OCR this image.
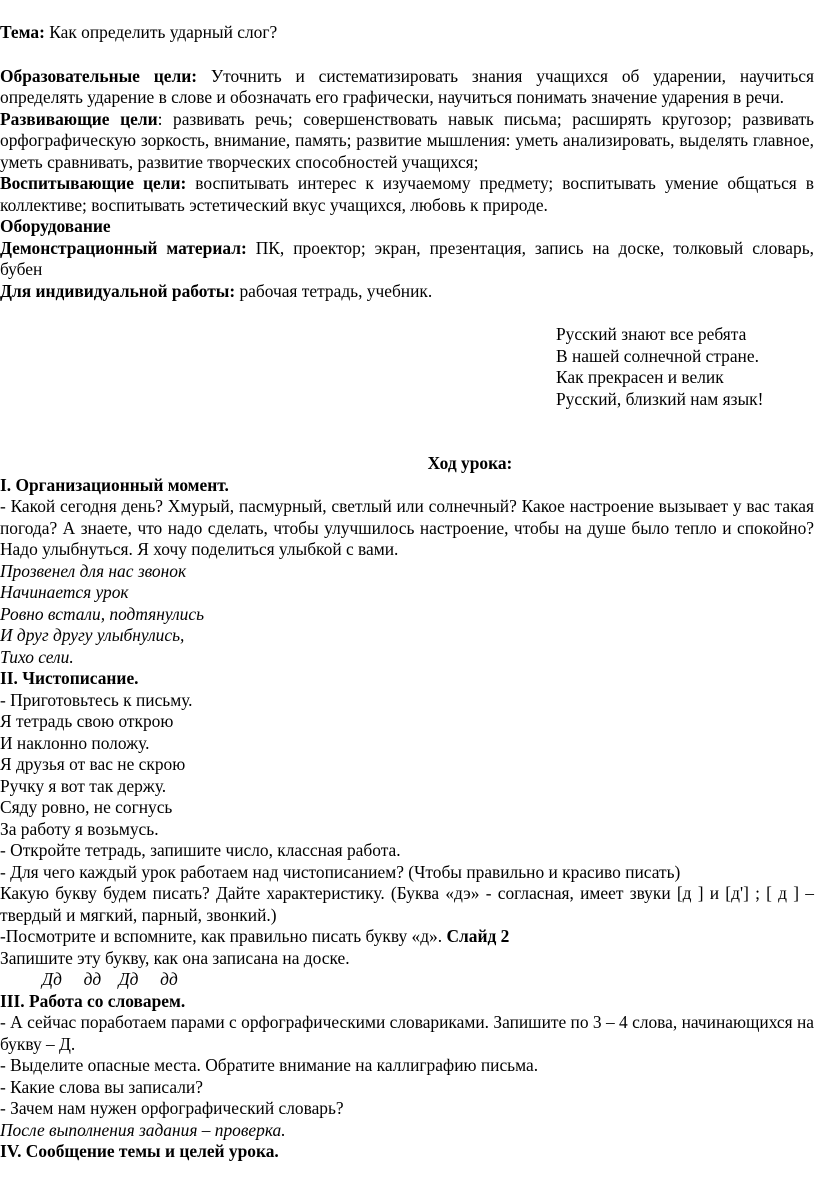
Тема: Как определить ударный слог?

Образовательные цели: Уточнить и систематизировать знания учащихся об ударении, научиться определять ударение в слове и обозначать его графически, научиться понимать значение ударения в речи.

Развивающие цели: развивать речь; совершенствовать навык письма; расширять кругозор; развивать орфографическую зоркость, внимание, память; развитие мышления: уметь анализировать, выделять главное, уметь сравнивать, развитие творческих способностей учащихся;

Воспитывающие цели: воспитывать интерес к изучаемому предмету; воспитывать умение общаться в коллективе; воспитывать эстетический вкус учащихся, любовь к природе.

Оборудование

Демонстрационный материал: ПК, проектор; экран, презентация, запись на доске, толковый словарь, бубен

Для индивидуальной работы: рабочая тетрадь, учебник.

Русский знают все ребята

В нашей солнечной стране.

Как прекрасен и велик

Русский, близкий нам язык!

Ход урока:

I. Организационный момент.

- Какой сегодня день? Хмурый, пасмурный, светлый или солнечный? Какое настроение вызывает у вас такая погода? А знаете, что надо сделать, чтобы улучшилось настроение, чтобы на душе было тепло и спокойно? Надо улыбнуться. Я хочу поделиться улыбкой с вами.

Прозвенел для нас звонок

Начинается урок

Ровно встали, подтянулись

И друг другу улыбнулись,

Тихо сели.

II. Чистописание.

- Приготовьтесь к письму.

Я тетрадь свою открою

И наклонно положу.

Я друзья от вас не скрою

Ручку я вот так держу.

Сяду ровно, не согнусь

За работу я возьмусь.

- Откройте тетрадь, запишите число, классная работа.

- Для чего каждый урок работаем над чистописанием? (Чтобы правильно и красиво писать)

Какую букву будем писать? Дайте характеристику. (Буква «дэ» - согласная, имеет звуки [д ] и [д'] ; [ д ] –твердый и мягкий, парный, звонкий.)

-Посмотрите и вспомните, как правильно писать букву «д». Слайд 2

Запишите эту букву, как она записана на доске.

Дд     дд    Дд     дд

III. Работа со словарем.

- А сейчас поработаем парами с орфографическими словариками. Запишите по 3 – 4 слова, начинающихся на букву – Д.

- Выделите опасные места. Обратите внимание на каллиграфию письма.

- Какие слова вы записали?

- Зачем нам нужен орфографический словарь?

После выполнения задания – проверка.

IV. Сообщение темы и целей урока.
